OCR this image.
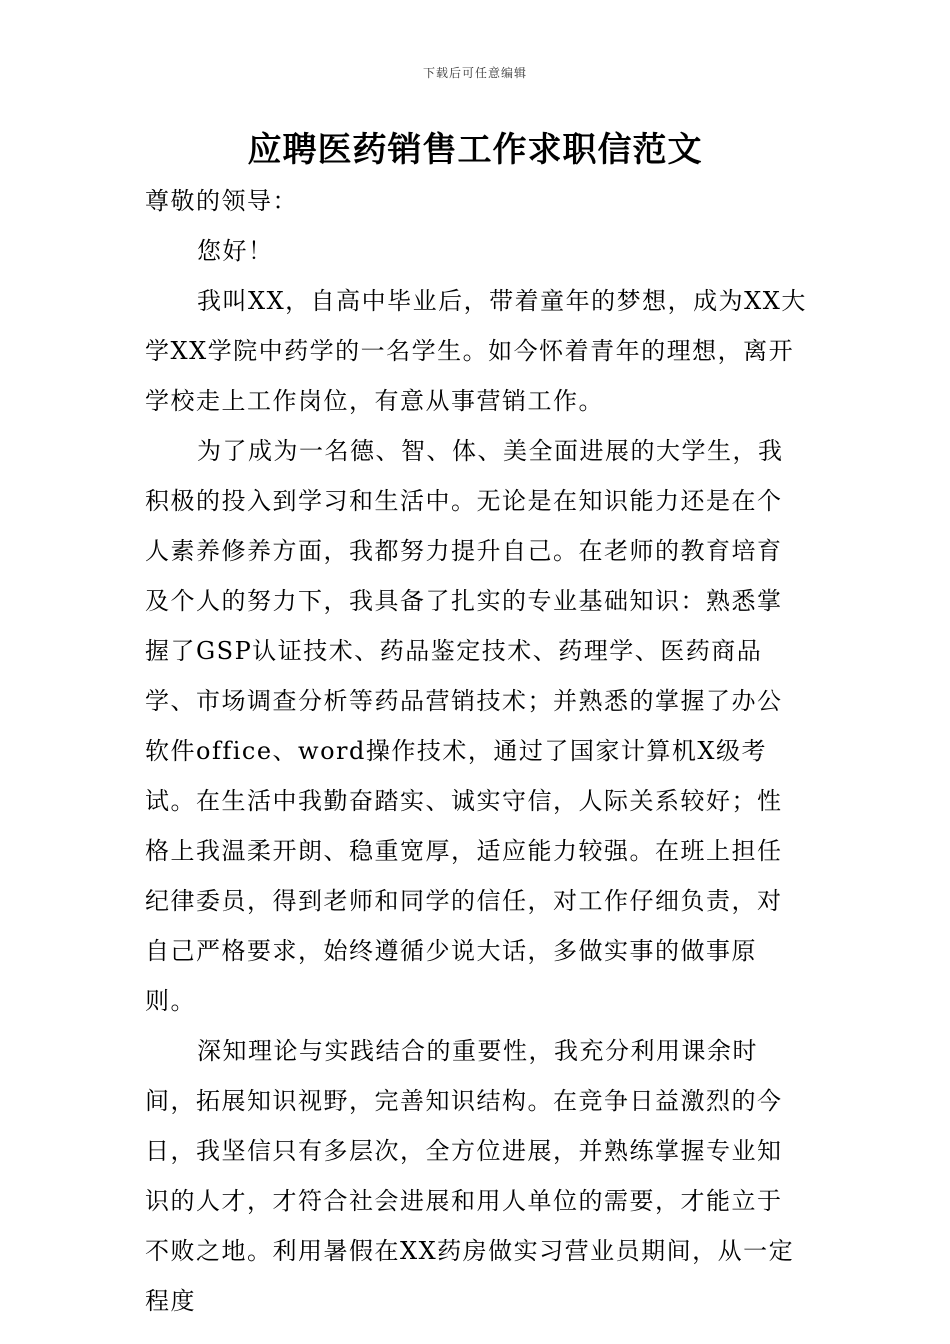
下载后可任意编辑
应聘医药销售工作求职信范文

尊敬的领导：

您好！

我叫XX，自高中毕业后，带着童年的梦想，成为XX大学XX学院中药学的一名学生。如今怀着青年的理想，离开学校走上工作岗位，有意从事营销工作。

为了成为一名德、智、体、美全面进展的大学生，我积极的投入到学习和生活中。无论是在知识能力还是在个人素养修养方面，我都努力提升自己。在老师的教育培育及个人的努力下，我具备了扎实的专业基础知识：熟悉掌握了GSP认证技术、药品鉴定技术、药理学、医药商品学、市场调查分析等药品营销技术；并熟悉的掌握了办公软件office、word操作技术，通过了国家计算机X级考试。在生活中我勤奋踏实、诚实守信，人际关系较好；性格上我温柔开朗、稳重宽厚，适应能力较强。在班上担任纪律委员，得到老师和同学的信任，对工作仔细负责，对自己严格要求，始终遵循少说大话，多做实事的做事原则。

深知理论与实践结合的重要性，我充分利用课余时间，拓展知识视野，完善知识结构。在竞争日益激烈的今日，我坚信只有多层次，全方位进展，并熟练掌握专业知识的人才，才符合社会进展和用人单位的需要，才能立于不败之地。利用暑假在XX药房做实习营业员期间，从一定程度
